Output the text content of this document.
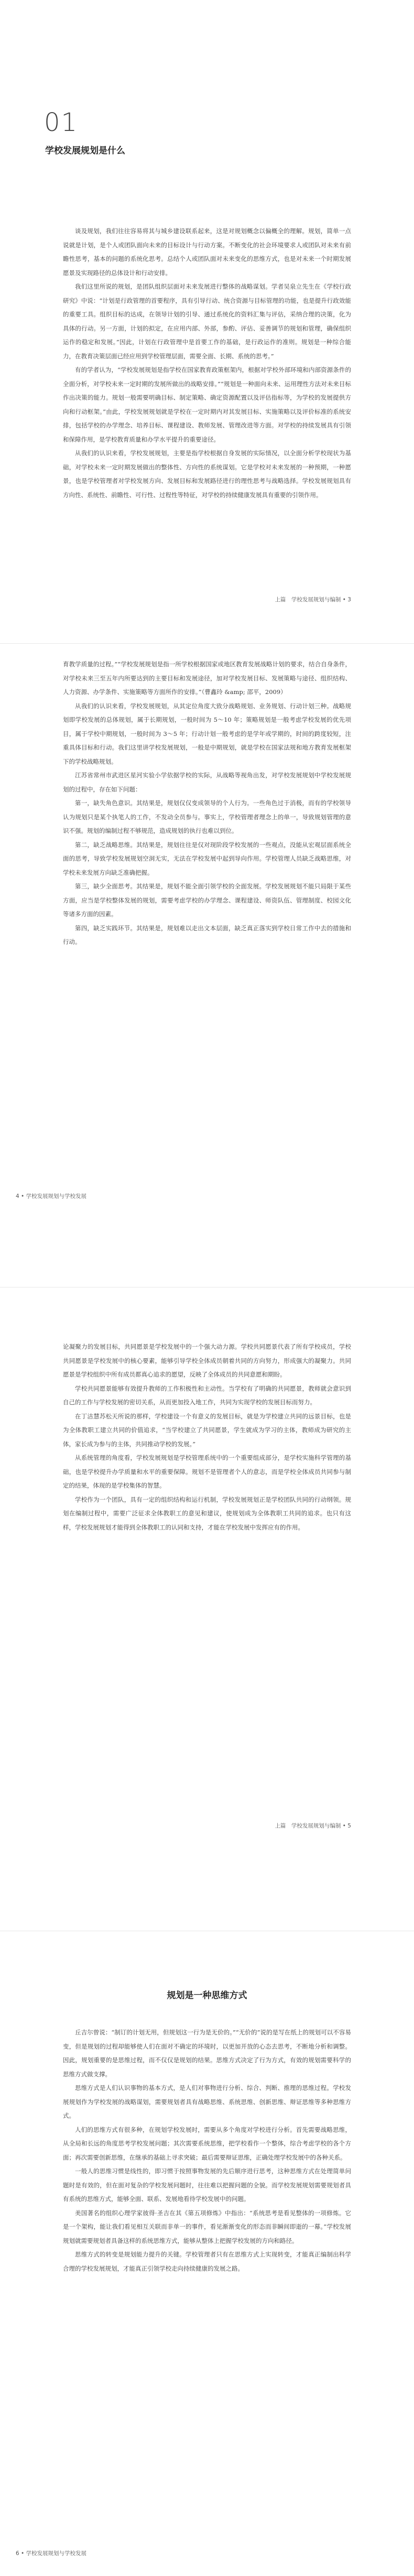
01
学校发展规划是什么

谈及规划，我们往往容易将其与城乡建设联系起来，这是对规划概念以偏概全的理解。规划，简单一点说就是计划，是个人或团队面向未来的目标设计与行动方案。不断变化的社会环境要求人或团队对未来有前瞻性思考，基本的问题的系统化思考。总结个人或团队面对未来变化的思维方式，也是对未来一个时期发展愿景及实现路径的总体设计和行动安排。

我们这里所说的规划，是团队组织层面对未来发展进行整体的战略谋划。学者吴泉立先生在《学校行政研究》中说：“计划是行政管理的首要程序，具有引导行动、统合资源与目标管理的功能，也是提升行政效能的重要工具。组织目标的达成，在领导计划的引导、通过系统化的资料汇集与评估，采纳合理的决策，化为具体的行动。另一方面，计划的拟定，在应用内部、外部，参酌、评估、妥善调节的规划和管理，确保组织运作的稳定和发展。”因此，计划在行政管理中是首要工作的基础，是行政运作的准则。规划是一种综合能力，在教育决策层面已经应用到学校管理层面，需要全面、长期、系统的思考。”

有的学者认为，“学校发展规划是指学校在国家教育政策框架内，根据对学校外部环境和内部资源条件的全面分析，对学校未来一定时期的发展所做出的战略安排。”“规划是一种面向未来、运用理性方法对未来目标作出决策的能力。规划一般需要明确目标、制定策略、确定资源配置以及评估指标等，为学校的发展提供方向和行动框架。”由此，学校发展规划就是学校在一定时期内对其发展目标、实施策略以及评价标准的系统安排，包括学校的办学理念、培养目标、课程建设、教师发展、管理改进等方面。对学校的持续发展具有引领和保障作用，是学校教育质量和办学水平提升的重要途径。

从我们的认识来看，学校发展规划，主要是指学校根据自身发展的实际情况，以全面分析学校现状为基础，对学校未来一定时期发展做出的整体性、方向性的系统谋划。它是学校对未来发展的一种预期，一种愿景，也是学校管理者对学校发展方向、发展目标和发展路径进行的理性思考与战略选择。学校发展规划具有方向性、系统性、前瞻性、可行性、过程性等特征，对学校的持续健康发展具有重要的引领作用。

上篇　学校发展规划与编制 • 3

育教学质量的过程。”“学校发展规划是指一所学校根据国家或地区教育发展战略计划的要求，结合自身条件，对学校未来三至五年内所要达到的主要目标和发展途径，加对学校发展目标、发展策略与途径、组织结构、人力资源、办学条件、实施策略等方面所作的安排。”（曹鑫玲 &amp; 邵平，2009）

从我们的认识来看，学校发展规划，从其定位角度大致分战略规划、业务规划、行动计划三种。战略规划即学校发展的总体规划，属于长期规划，一般时间为 5～10 年；策略规划是一般考虑学校发展的优先项目，属于学校中期规划，一般时间为 3～5 年；行动计划一般考虑的是学年或学期的，时间的跨度较短，注重具体目标和行动。我们这里讲学校发展规划，一般是中期规划，就是学校在国家法规和地方教育发展框架下的学校战略规划。

江苏省常州市武进区星河实验小学依据学校的实际，从战略等视角出发，对学校发展规划中学校发展规划的过程中，存在如下问题：

第一，缺失角色意识。其结果是，规划仅仅变成领导的个人行为。一些角色过于消极，而有的学校领导认为规划只是某个执笔人的工作，不发动全员参与。事实上，学校管理者理念上的单一，导致规划管理的意识不强。规划的编制过程不够规范，造成规划的执行也难以到位。

第二，缺乏战略思维。其结果是，规划往往是仅对现阶段学校发展的一些观点，没能从宏观层面系统全面的思考，导致学校发展规划空洞无实，无法在学校发展中起到导向作用。学校管理人员缺乏战略思维，对学校未来发展方向缺乏准确把握。

第三，缺少全面思考。其结果是，规划不能全面引领学校的全面发展。学校发展规划不能只局限于某些方面，应当是学校整体发展的规划，需要考虑学校的办学理念、课程建设、师资队伍、管理制度、校园文化等诸多方面的因素。

第四，缺乏实践环节。其结果是，规划难以走出文本层面，缺乏真正落实到学校日常工作中去的措施和行动。

4 • 学校发展规划与学校发展

论凝聚力的发展目标，共同愿景是学校发展中的一个强大动力源。学校共同愿景代表了所有学校成员，学校共同愿景是学校发展中的核心要素，能够引导学校全体成员朝着共同的方向努力，形成强大的凝聚力。共同愿景是学校组织中所有成员都真心追求的愿望，反映了全体成员的共同意愿和期盼。

学校共同愿景能够有效提升教师的工作积极性和主动性。当学校有了明确的共同愿景，教师就会意识到自己的工作与学校发展的密切关系，从而更加投入地工作，共同为实现学校的发展目标而努力。

在丁洁慧苏松天所说的那样，学校建设一个有意义的发展目标，就是为学校建立共同的远景目标，也是为全体教职工建立共同的价值追求，“当学校建立了共同愿景，学生就成为学习的主体，教师成为研究的主体，家长成为参与的主体，共同推动学校的发展。”

从系统管理的角度看，学校发展规划是学校管理系统中的一个重要组成部分，是学校实施科学管理的基础，也是学校提升办学质量和水平的重要保障。规划不是管理者个人的意志，而是学校全体成员共同参与制定的结果，体现的是学校集体的智慧。

学校作为一个团队，具有一定的组织结构和运行机制，学校发展规划正是学校团队共同的行动纲领。规划在编制过程中，需要广泛征求全体教职工的意见和建议，使规划成为全体教职工共同的追求。也只有这样，学校发展规划才能得到全体教职工的认同和支持，才能在学校发展中发挥应有的作用。

上篇　学校发展规划与编制 • 5
规划是一种思维方式

丘吉尔曾说：“制订的计划无用，但规划这一行为是无价的。”“无价的”说的是写在纸上的规划可以不容易变，但是规划的过程却能够使人们在面对不确定的环境时，以更加开放的心态去思考，不断地分析和调整。因此，规划重要的是思维过程，而不仅仅是规划的结果。思维方式决定了行为方式，有效的规划需要科学的思维方式做支撑。

思维方式是人们认识事物的基本方式，是人们对事物进行分析、综合、判断、推理的思维过程。学校发展规划作为学校发展的战略谋划，需要规划者具有战略思维、系统思维、创新思维、辩证思维等多种思维方式。

人们的思维方式有很多种，在规划学校发展时，需要从多个角度对学校进行分析。首先需要战略思维，从全局和长远的角度思考学校发展问题；其次需要系统思维，把学校看作一个整体，综合考虑学校的各个方面；再次需要创新思维，在继承的基础上寻求突破；最后需要辩证思维，正确处理学校发展中的各种关系。

一般人的思维习惯是线性的，即习惯于按照事物发展的先后顺序进行思考，这种思维方式在处理简单问题时是有效的，但在面对复杂的学校发展问题时，往往难以把握问题的全貌。而学校发展规划需要规划者具有系统的思维方式，能够全面、联系、发展地看待学校发展中的问题。

美国著名的组织心理学家彼得·圣吉在其《第五项修炼》中指出：“系统思考是看见整体的一项修炼。它是一个架构，能让我们看见相互关联而非单一的事件，看见渐渐变化的形态而非瞬间即逝的一幕。”学校发展规划就需要规划者具备这样的系统思维方式，能够从整体上把握学校发展的方向和路径。

思维方式的转变是规划能力提升的关键。学校管理者只有在思维方式上实现转变，才能真正编制出科学合理的学校发展规划，才能真正引领学校走向持续健康的发展之路。

6 • 学校发展规划与学校发展
